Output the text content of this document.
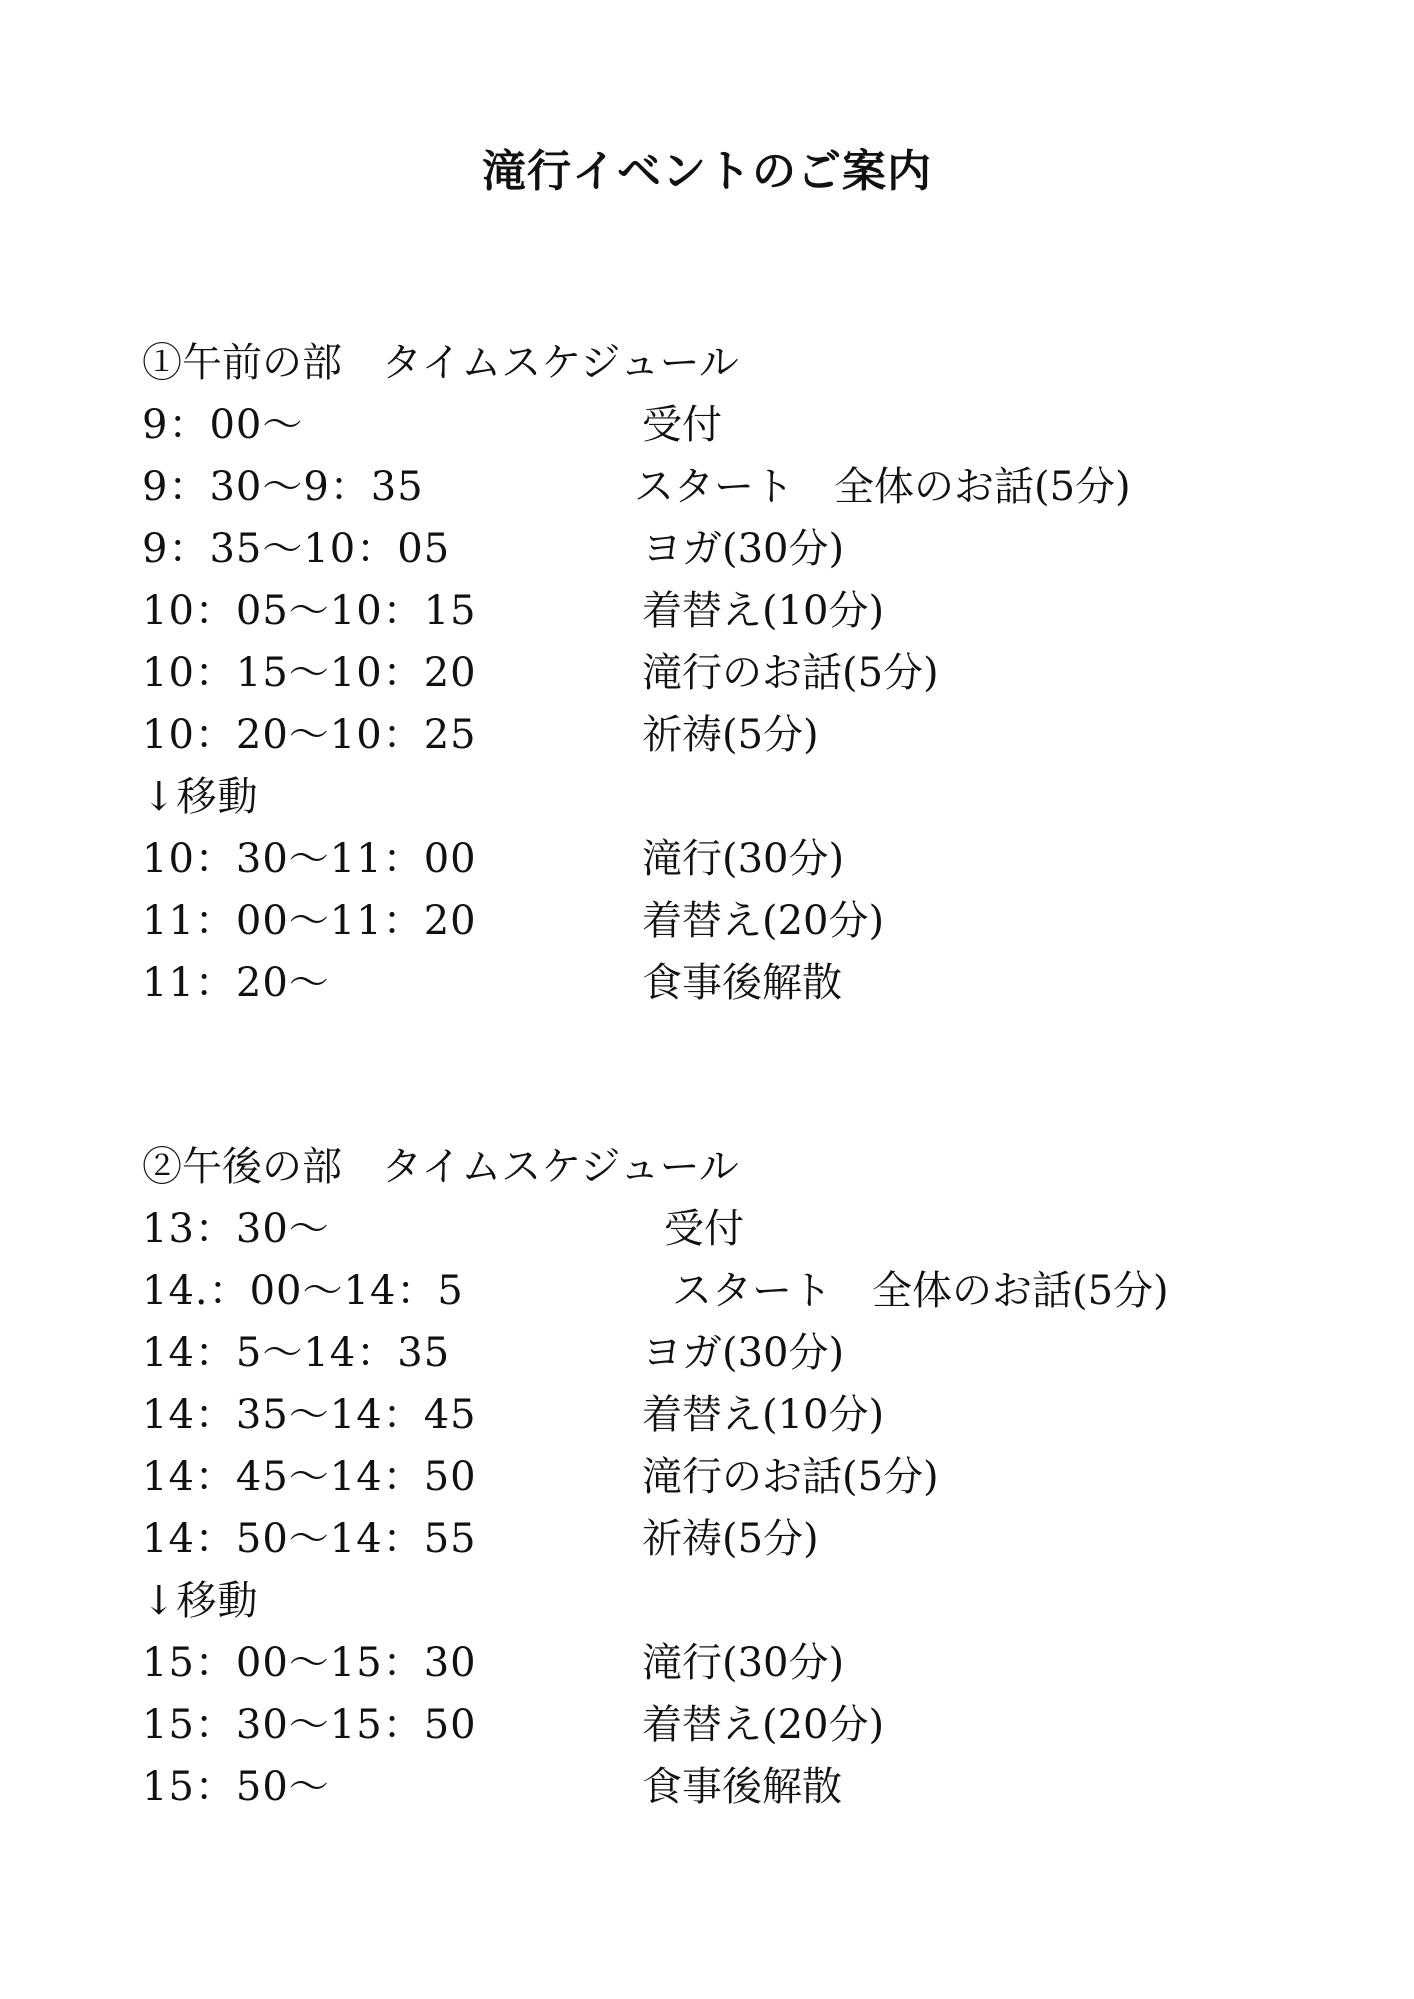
滝行イベントのご案内
①午前の部　タイムスケジュール
9：00～	受付
9：30～9：35	スタート　全体のお話(5分)
9：35～10：05	ヨガ(30分)
10：05～10：15	着替え(10分)
10：15～10：20	滝行のお話(5分)
10：20～10：25	祈祷(5分)
↓移動
10：30～11：00	滝行(30分)
11：00～11：20	着替え(20分)
11：20～	食事後解散
②午後の部　タイムスケジュール
13：30～	受付
14.：00～14：5	スタート　全体のお話(5分)
14：5～14：35	ヨガ(30分)
14：35～14：45	着替え(10分)
14：45～14：50	滝行のお話(5分)
14：50～14：55	祈祷(5分)
↓移動
15：00～15：30	滝行(30分)
15：30～15：50	着替え(20分)
15：50～	食事後解散
